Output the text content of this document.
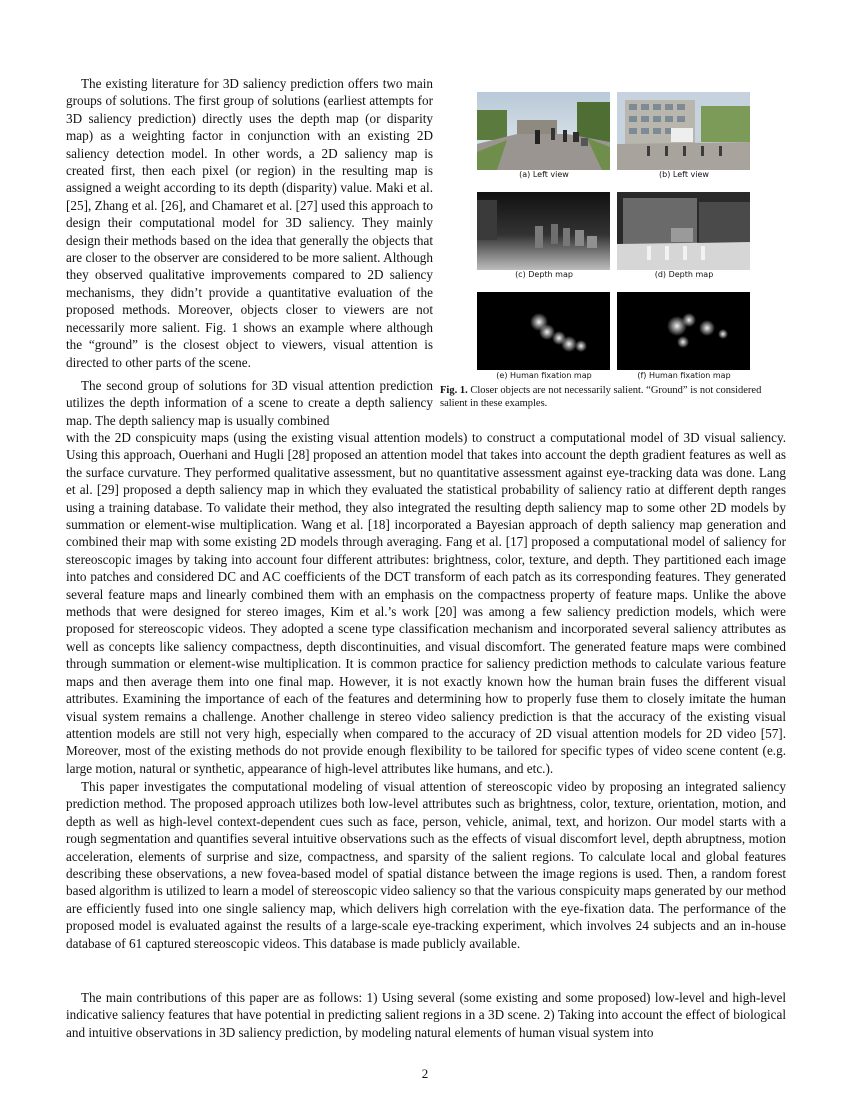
The existing literature for 3D saliency prediction offers two main groups of solutions. The first group of solutions (earliest attempts for 3D saliency prediction) directly uses the depth map (or disparity map) as a weighting factor in conjunction with an existing 2D saliency detection model. In other words, a 2D saliency map is created first, then each pixel (or region) in the resulting map is assigned a weight according to its depth (disparity) value. Maki et al. [25], Zhang et al. [26], and Chamaret et al. [27] used this approach to design their computational model for 3D saliency. They mainly design their methods based on the idea that generally the objects that are closer to the observer are considered to be more salient. Although they observed qualitative improvements compared to 2D saliency mechanisms, they didn’t provide a quantitative evaluation of the proposed methods. Moreover, objects closer to viewers are not necessarily more salient. Fig. 1 shows an example where although the “ground” is the closest object to viewers, visual attention is directed to other parts of the scene.

The second group of solutions for 3D visual attention prediction utilizes the depth information of a scene to create a depth saliency map. The depth saliency map is usually combined

with the 2D conspicuity maps (using the existing visual attention models) to construct a computational model of 3D visual saliency. Using this approach, Ouerhani and Hugli [28] proposed an attention model that takes into account the depth gradient features as well as the surface curvature. They performed qualitative assessment, but no quantitative assessment against eye-tracking data was done. Lang et al. [29] proposed a depth saliency map in which they evaluated the statistical probability of saliency ratio at different depth ranges using a training database. To validate their method, they also integrated the resulting depth saliency map to some other 2D models by summation or element-wise multiplication. Wang et al. [18] incorporated a Bayesian approach of depth saliency map generation and combined their map with some existing 2D models through averaging. Fang et al. [17] proposed a computational model of saliency for stereoscopic images by taking into account four different attributes: brightness, color, texture, and depth. They partitioned each image into patches and considered DC and AC coefficients of the DCT transform of each patch as its corresponding features. They generated several feature maps and linearly combined them with an emphasis on the compactness property of feature maps. Unlike the above methods that were designed for stereo images, Kim et al.’s work [20] was among a few saliency prediction models, which were proposed for stereoscopic videos. They adopted a scene type classification mechanism and incorporated several saliency attributes as well as concepts like saliency compactness, depth discontinuities, and visual discomfort. The generated feature maps were combined through summation or element-wise multiplication. It is common practice for saliency prediction methods to calculate various feature maps and then average them into one final map. However, it is not exactly known how the human brain fuses the different visual attributes. Examining the importance of each of the features and determining how to properly fuse them to closely imitate the human visual system remains a challenge. Another challenge in stereo video saliency prediction is that the accuracy of the existing visual attention models are still not very high, especially when compared to the accuracy of 2D visual attention models for 2D video [57]. Moreover, most of the existing methods do not provide enough flexibility to be tailored for specific types of video scene content (e.g. large motion, natural or synthetic, appearance of high-level attributes like humans, and etc.).

This paper investigates the computational modeling of visual attention of stereoscopic video by proposing an integrated saliency prediction method. The proposed approach utilizes both low-level attributes such as brightness, color, texture, orientation, motion, and depth as well as high-level context-dependent cues such as face, person, vehicle, animal, text, and horizon. Our model starts with a rough segmentation and quantifies several intuitive observations such as the effects of visual discomfort level, depth abruptness, motion acceleration, elements of surprise and size, compactness, and sparsity of the salient regions. To calculate local and global features describing these observations, a new fovea-based model of spatial distance between the image regions is used. Then, a random forest based algorithm is utilized to learn a model of stereoscopic video saliency so that the various conspicuity maps generated by our method are efficiently fused into one single saliency map, which delivers high correlation with the eye-fixation data. The performance of the proposed model is evaluated against the results of a large-scale eye-tracking experiment, which involves 24 subjects and an in-house database of 61 captured stereoscopic videos. This database is made publicly available.

The main contributions of this paper are as follows: 1) Using several (some existing and some proposed) low-level and high-level indicative saliency features that have potential in predicting salient regions in a 3D scene. 2) Taking into account the effect of biological and intuitive observations in 3D saliency prediction, by modeling natural elements of human visual system into

(a) Left view	(b) Left view
(c) Depth map	(d) Depth map
(e) Human fixation map	(f) Human fixation map
Fig. 1. Closer objects are not necessarily salient. “Ground” is not considered salient in these examples.
2
